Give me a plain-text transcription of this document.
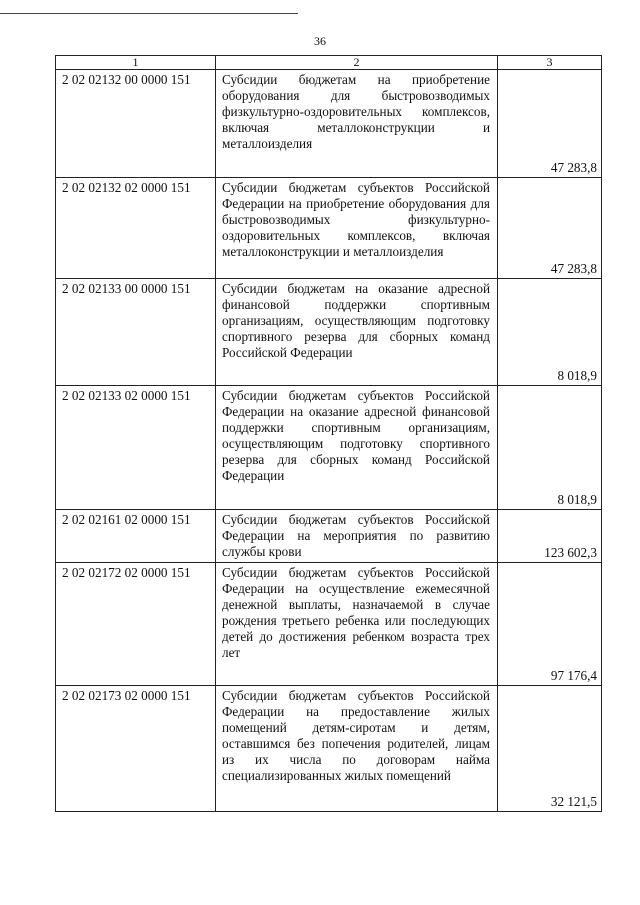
36
1	2	3
2 02 02132 00 0000 151	Субсидии бюджетам на приобретение оборудования для быстровозводимых физкультурно-оздоровительных комплексов, включая металлоконструкции и металлоизделия	47 283,8
2 02 02132 02 0000 151	Субсидии бюджетам субъектов Российской Федерации на приобретение оборудования для быстровозводимых физкультурно-оздоровительных комплексов, включая металлоконструкции и металлоизделия	47 283,8
2 02 02133 00 0000 151	Субсидии бюджетам на оказание адресной финансовой поддержки спортивным организациям, осуществляющим подготовку спортивного резерва для сборных команд Российской Федерации	8 018,9
2 02 02133 02 0000 151	Субсидии бюджетам субъектов Российской Федерации на оказание адресной финансовой поддержки спортивным организациям, осуществляющим подготовку спортивного резерва для сборных команд Российской Федерации	8 018,9
2 02 02161 02 0000 151	Субсидии бюджетам субъектов Российской Федерации на мероприятия по развитию службы крови	123 602,3
2 02 02172 02 0000 151	Субсидии бюджетам субъектов Российской Федерации на осуществление ежемесячной денежной выплаты, назначаемой в случае рождения третьего ребенка или последующих детей до достижения ребенком возраста трех лет	97 176,4
2 02 02173 02 0000 151	Субсидии бюджетам субъектов Российской Федерации на предоставление жилых помещений детям-сиротам и детям, оставшимся без попечения родителей, лицам из их числа по договорам найма специализированных жилых помещений	32 121,5
